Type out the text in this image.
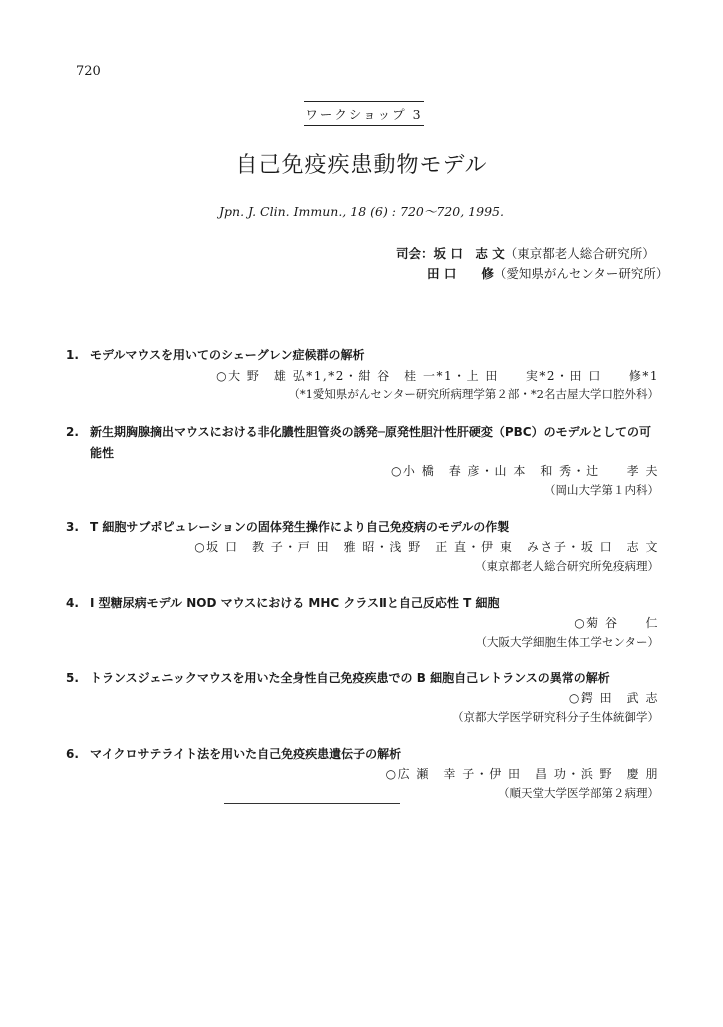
720
ワークショップ 3
自己免疫疾患動物モデル
Jpn. J. Clin. Immun., 18 (6) : 720～720, 1995.
司会：坂 口　志 文（東京都老人総合研究所）
田 口　　修（愛知県がんセンター研究所）
1. モデルマウスを用いてのシェーグレン症候群の解析
○大 野　雄 弘*1,*2・紺 谷　桂 一*1・上 田　　実*2・田 口　　修*1
（*1愛知県がんセンター研究所病理学第２部・*2名古屋大学口腔外科）
2. 新生期胸腺摘出マウスにおける非化膿性胆管炎の誘発─原発性胆汁性肝硬変（PBC）のモデルとしての可能性
○小 橋　春 彦・山 本　和 秀・辻　　孝 夫
（岡山大学第１内科）
3. T 細胞サブポピュレーションの固体発生操作により自己免疫病のモデルの作製
○坂 口　教 子・戸 田　雅 昭・浅 野　正 直・伊 東　みさ子・坂 口　志 文
（東京都老人総合研究所免疫病理）
4. I 型糖尿病モデル NOD マウスにおける MHC クラスⅡと自己反応性 T 細胞
○菊 谷　　仁
（大阪大学細胞生体工学センター）
5. トランスジェニックマウスを用いた全身性自己免疫疾患での B 細胞自己レトランスの異常の解析
○鍔 田　武 志
（京都大学医学研究科分子生体統御学）
6. マイクロサテライト法を用いた自己免疫疾患遺伝子の解析
○広 瀬　幸 子・伊 田　昌 功・浜 野　慶 朋
（順天堂大学医学部第２病理）
